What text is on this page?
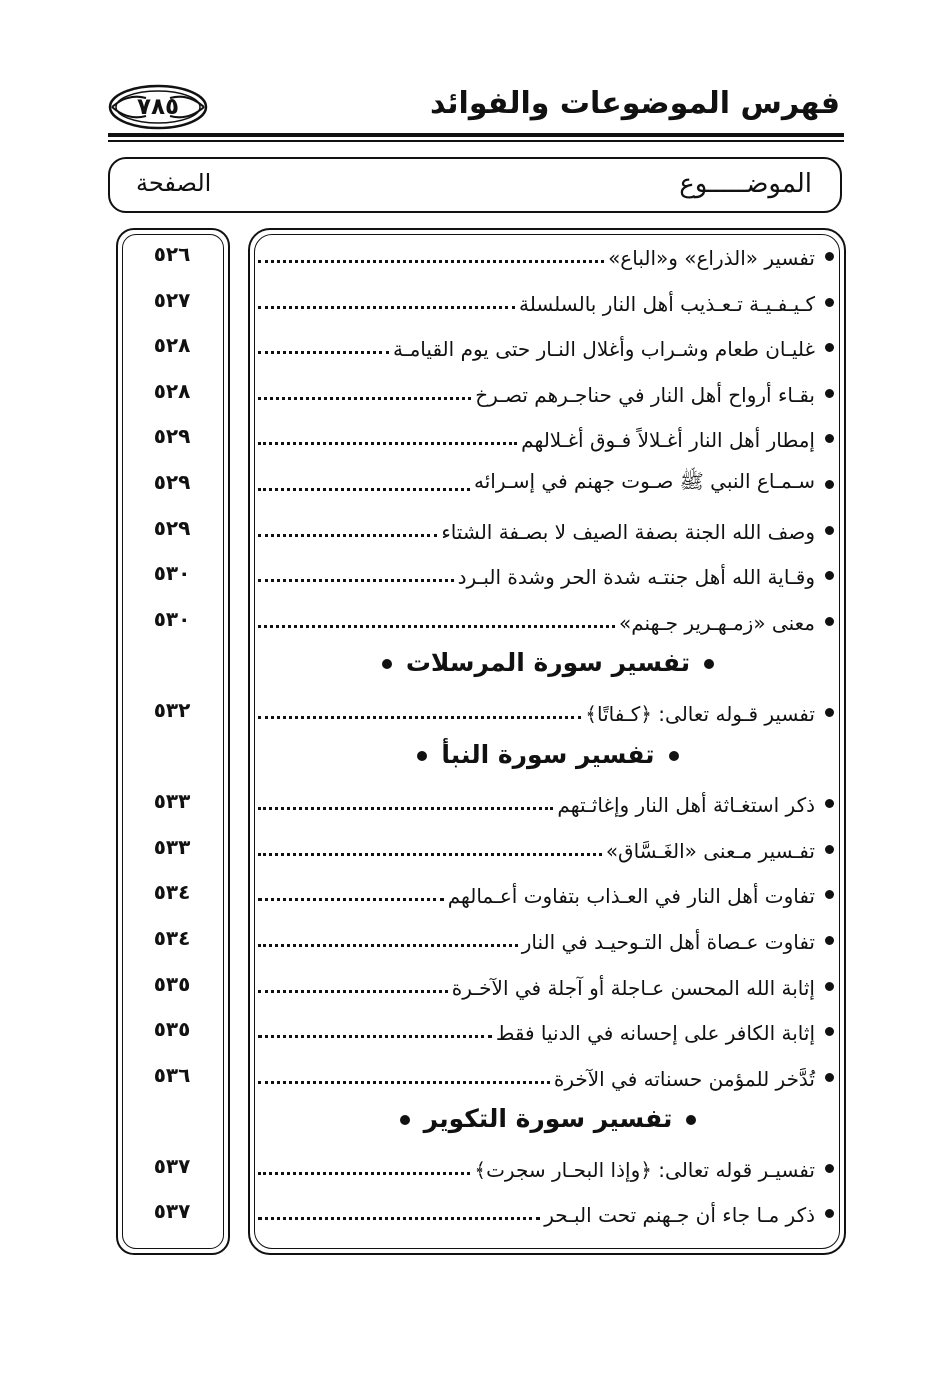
فهرس الموضوعات والفوائد
٧٨٥
الموضـــــوع
الصفحة
تفسير «الذراع» و«الباع»
٥٢٦
كـيـفـيـة تـعـذيب أهل النار بالسلسلة
٥٢٧
غليـان طعام وشـراب وأغلال النـار حتى يوم القيامـة
٥٢٨
بقـاء أرواح أهل النار في حناجـرهم تصـرخ
٥٢٨
إمطار أهل النار أغـلالاً فـوق أغـلالهم
٥٢٩
سـمـاع النبي ﷺ صـوت جهنم في إسـرائه
٥٢٩
وصف الله الجنة بصفة الصيف لا بصـفة الشتاء
٥٢٩
وقـاية الله أهل جنتـه شدة الحر وشدة البـرد
٥٣٠
معنى «زمـهـرير جـهنم»
٥٣٠
تفسير سورة المرسلات
تفسير قـوله تعالى: ﴿كـفاتًا﴾
٥٣٢
تفسير سورة النبأ
ذكر استغـاثة أهل النار وإغاثـتهم
٥٣٣
تفـسير مـعنى «الغَـسَّاق»
٥٣٣
تفاوت أهل النار في العـذاب بتفاوت أعـمالهم
٥٣٤
تفاوت عـصاة أهل التـوحيـد في النار
٥٣٤
إثابة الله المحسن عـاجلة أو آجلة في الآخـرة
٥٣٥
إثابة الكافر على إحسانه في الدنيا فقط
٥٣٥
تُدَّخر للمؤمن حسناته في الآخرة
٥٣٦
تفسير سورة التكوير
تفسيـر قوله تعالى: ﴿وإذا البحـار سجرت﴾
٥٣٧
ذكر مـا جاء أن جـهنم تحت البـحر
٥٣٧
